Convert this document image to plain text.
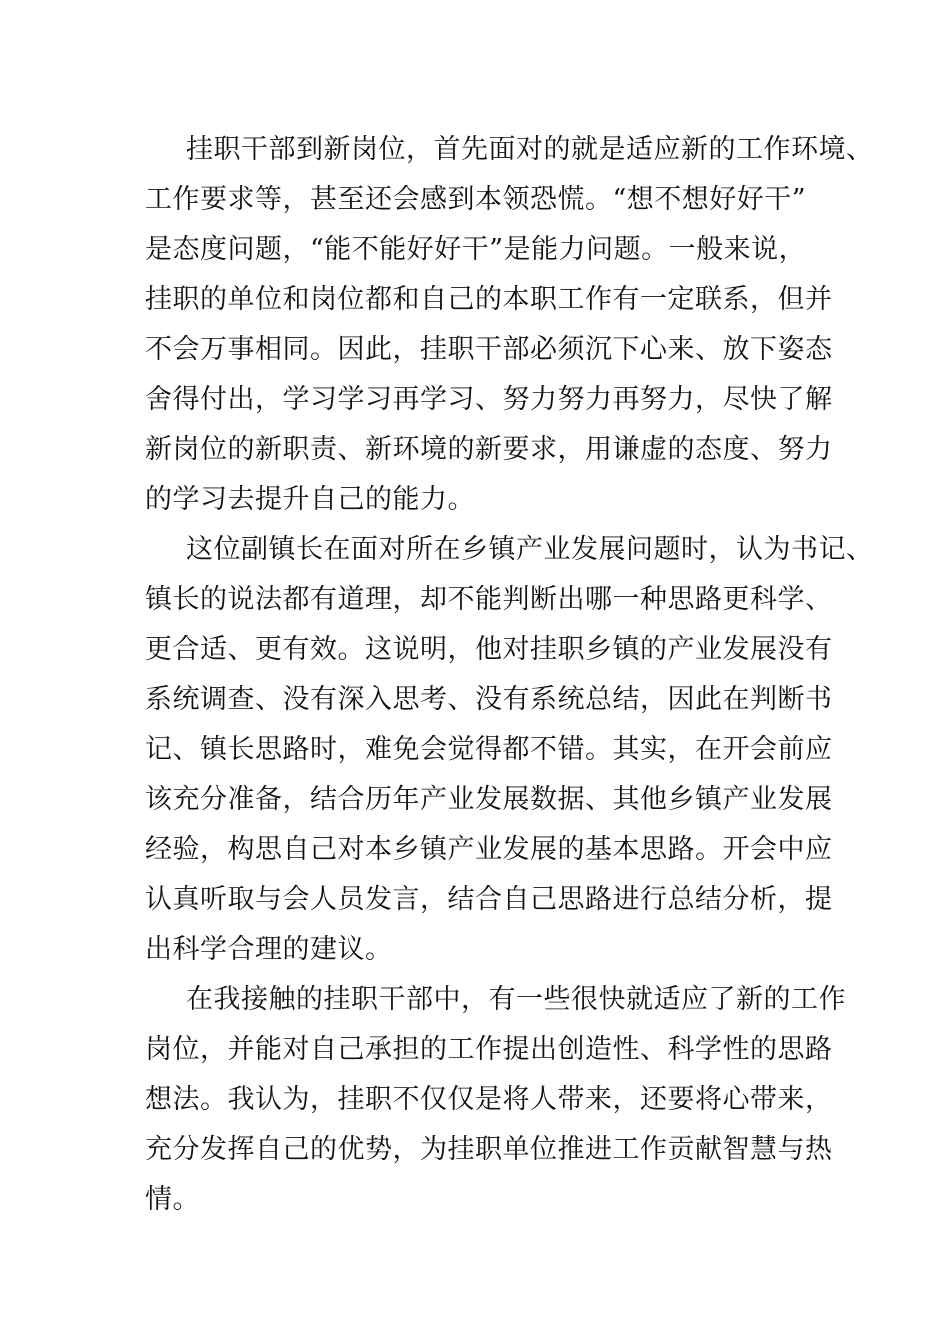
挂职干部到新岗位，首先面对的就是适应新的工作环境、
工作要求等，甚至还会感到本领恐慌。“想不想好好干”
是态度问题，“能不能好好干”是能力问题。一般来说，
挂职的单位和岗位都和自己的本职工作有一定联系，但并
不会万事相同。因此，挂职干部必须沉下心来、放下姿态
舍得付出，学习学习再学习、努力努力再努力，尽快了解
新岗位的新职责、新环境的新要求，用谦虚的态度、努力
的学习去提升自己的能力。
这位副镇长在面对所在乡镇产业发展问题时，认为书记、
镇长的说法都有道理，却不能判断出哪一种思路更科学、
更合适、更有效。这说明，他对挂职乡镇的产业发展没有
系统调查、没有深入思考、没有系统总结，因此在判断书
记、镇长思路时，难免会觉得都不错。其实，在开会前应
该充分准备，结合历年产业发展数据、其他乡镇产业发展
经验，构思自己对本乡镇产业发展的基本思路。开会中应
认真听取与会人员发言，结合自己思路进行总结分析，提
出科学合理的建议。
在我接触的挂职干部中，有一些很快就适应了新的工作
岗位，并能对自己承担的工作提出创造性、科学性的思路
想法。我认为，挂职不仅仅是将人带来，还要将心带来，
充分发挥自己的优势，为挂职单位推进工作贡献智慧与热
情。
